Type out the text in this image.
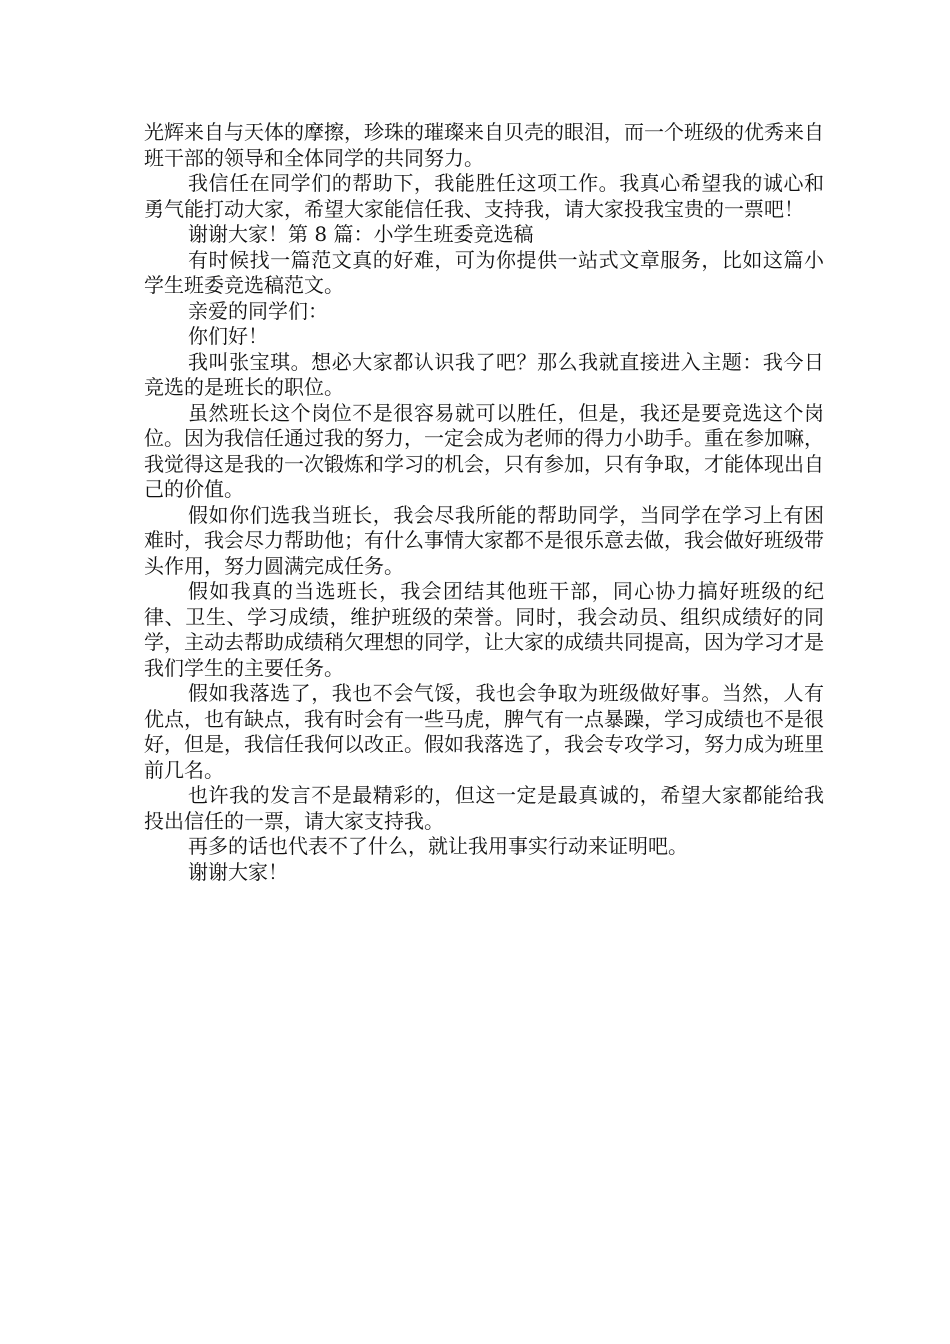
光辉来自与天体的摩擦，珍珠的璀璨来自贝壳的眼泪，而一个班级的优秀来自班干部的领导和全体同学的共同努力。

我信任在同学们的帮助下，我能胜任这项工作。我真心希望我的诚心和勇气能打动大家，希望大家能信任我、支持我，请大家投我宝贵的一票吧！

谢谢大家！第 8 篇：小学生班委竞选稿

有时候找一篇范文真的好难，可为你提供一站式文章服务，比如这篇小学生班委竞选稿范文。

亲爱的同学们：

你们好！

我叫张宝琪。想必大家都认识我了吧？那么我就直接进入主题：我今日竞选的是班长的职位。

虽然班长这个岗位不是很容易就可以胜任，但是，我还是要竞选这个岗位。因为我信任通过我的努力，一定会成为老师的得力小助手。重在参加嘛，我觉得这是我的一次锻炼和学习的机会，只有参加，只有争取，才能体现出自己的价值。

假如你们选我当班长，我会尽我所能的帮助同学，当同学在学习上有困难时，我会尽力帮助他；有什么事情大家都不是很乐意去做，我会做好班级带头作用，努力圆满完成任务。

假如我真的当选班长，我会团结其他班干部，同心协力搞好班级的纪律、卫生、学习成绩，维护班级的荣誉。同时，我会动员、组织成绩好的同学，主动去帮助成绩稍欠理想的同学，让大家的成绩共同提高，因为学习才是我们学生的主要任务。

假如我落选了，我也不会气馁，我也会争取为班级做好事。当然，人有优点，也有缺点，我有时会有一些马虎，脾气有一点暴躁，学习成绩也不是很好，但是，我信任我何以改正。假如我落选了，我会专攻学习，努力成为班里前几名。

也许我的发言不是最精彩的，但这一定是最真诚的，希望大家都能给我投出信任的一票，请大家支持我。

再多的话也代表不了什么，就让我用事实行动来证明吧。

谢谢大家！
